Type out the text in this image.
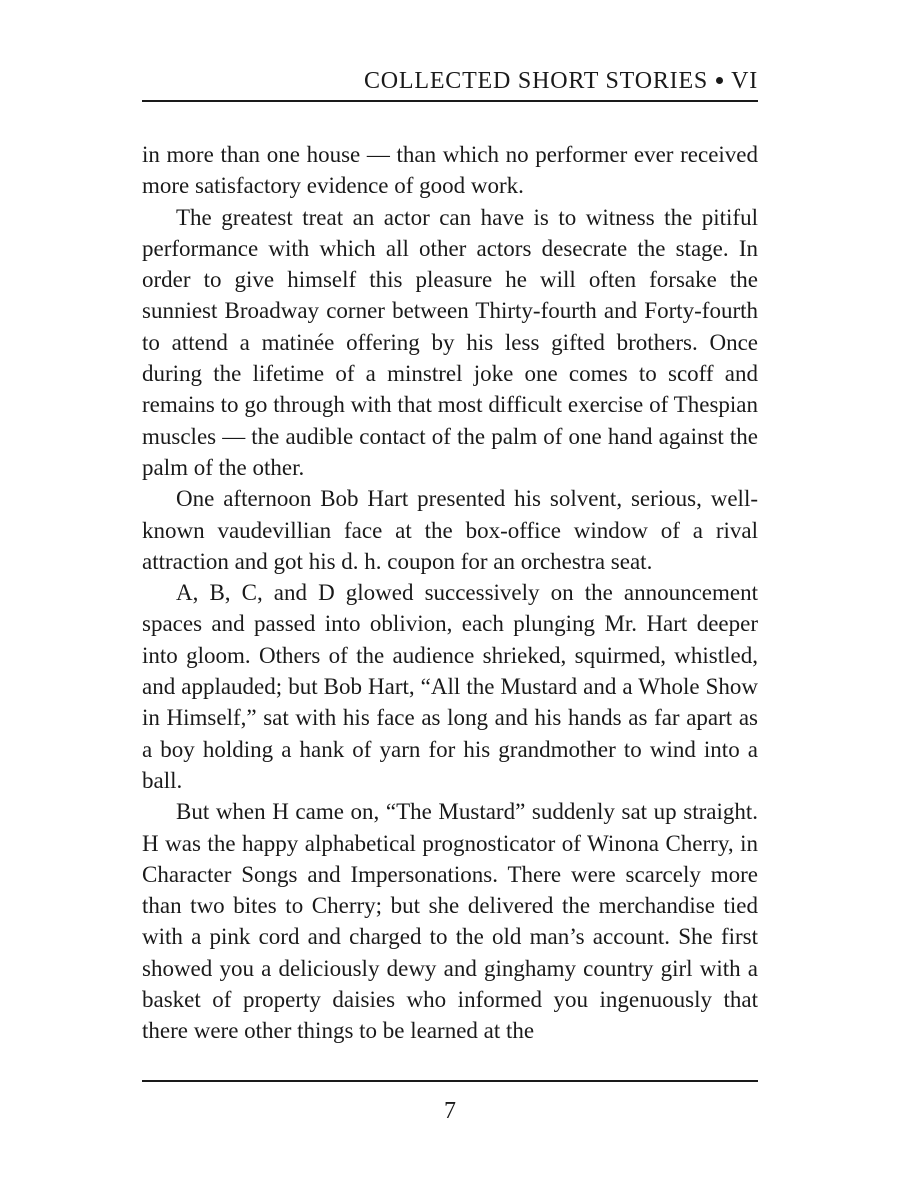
COLLECTED SHORT STORIES VI

in more than one house — than which no performer ever received more satisfactory evidence of good work.

The greatest treat an actor can have is to witness the pitiful performance with which all other actors desecrate the stage. In order to give himself this pleasure he will often forsake the sunniest Broadway corner between Thirty-fourth and Forty-fourth to attend a matinée offering by his less gifted brothers. Once during the lifetime of a minstrel joke one comes to scoff and remains to go through with that most difficult exercise of Thespian muscles — the audible contact of the palm of one hand against the palm of the other.

One afternoon Bob Hart presented his solvent, serious, well-known vaudevillian face at the box-office window of a rival attraction and got his d. h. coupon for an orchestra seat.

A, B, C, and D glowed successively on the announcement spaces and passed into oblivion, each plunging Mr. Hart deeper into gloom. Others of the audience shrieked, squirmed, whistled, and applauded; but Bob Hart, “All the Mustard and a Whole Show in Himself,” sat with his face as long and his hands as far apart as a boy holding a hank of yarn for his grandmother to wind into a ball.

But when H came on, “The Mustard” suddenly sat up straight. H was the happy alphabetical prognosticator of Winona Cherry, in Character Songs and Impersonations. There were scarcely more than two bites to Cherry; but she delivered the merchandise tied with a pink cord and charged to the old man’s account. She first showed you a deliciously dewy and ginghamy country girl with a basket of property daisies who informed you ingenuously that there were other things to be learned at the

7
